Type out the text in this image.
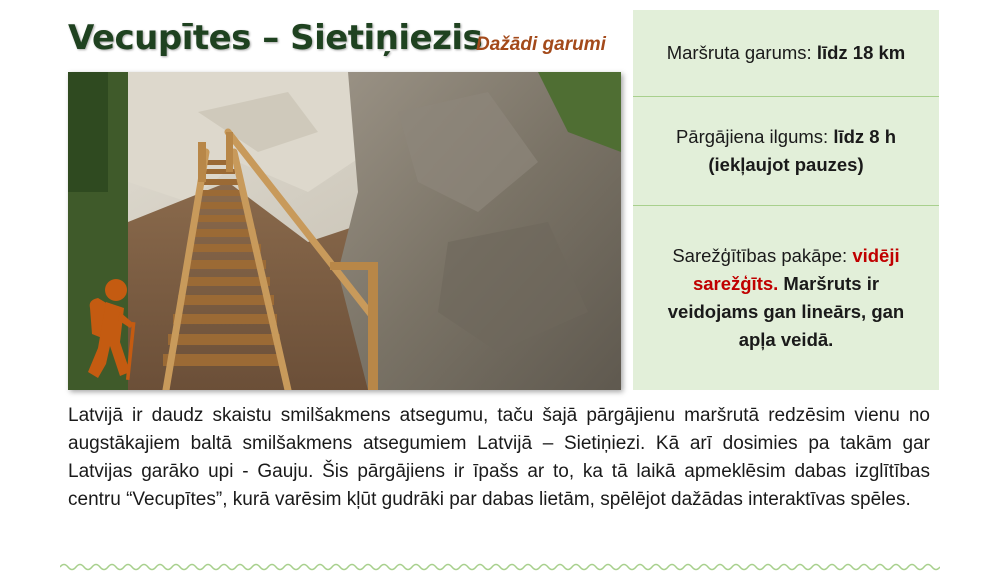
Vecupītes – Sietiņiezis
Dažādi garumi	Maršruta garums: līdz 18 km
Pārgājiena ilgums: līdz 8 h
(iekļaujot pauzes)
Sarežģītības pakāpe: vidēji sarežģīts. Maršruts ir veidojams gan lineārs, gan apļa veidā.
Latvijā ir daudz skaistu smilšakmens atsegumu, taču šajā pārgājienu maršrutā redzēsim vienu no augstākajiem baltā smilšakmens atsegumiem Latvijā – Sietiņiezi. Kā arī dosimies pa takām gar Latvijas garāko upi - Gauju. Šis pārgājiens ir īpašs ar to, ka tā laikā apmeklēsim dabas izglītības centru “Vecupītes”, kurā varēsim kļūt gudrāki par dabas lietām, spēlējot dažādas interaktīvas spēles.
